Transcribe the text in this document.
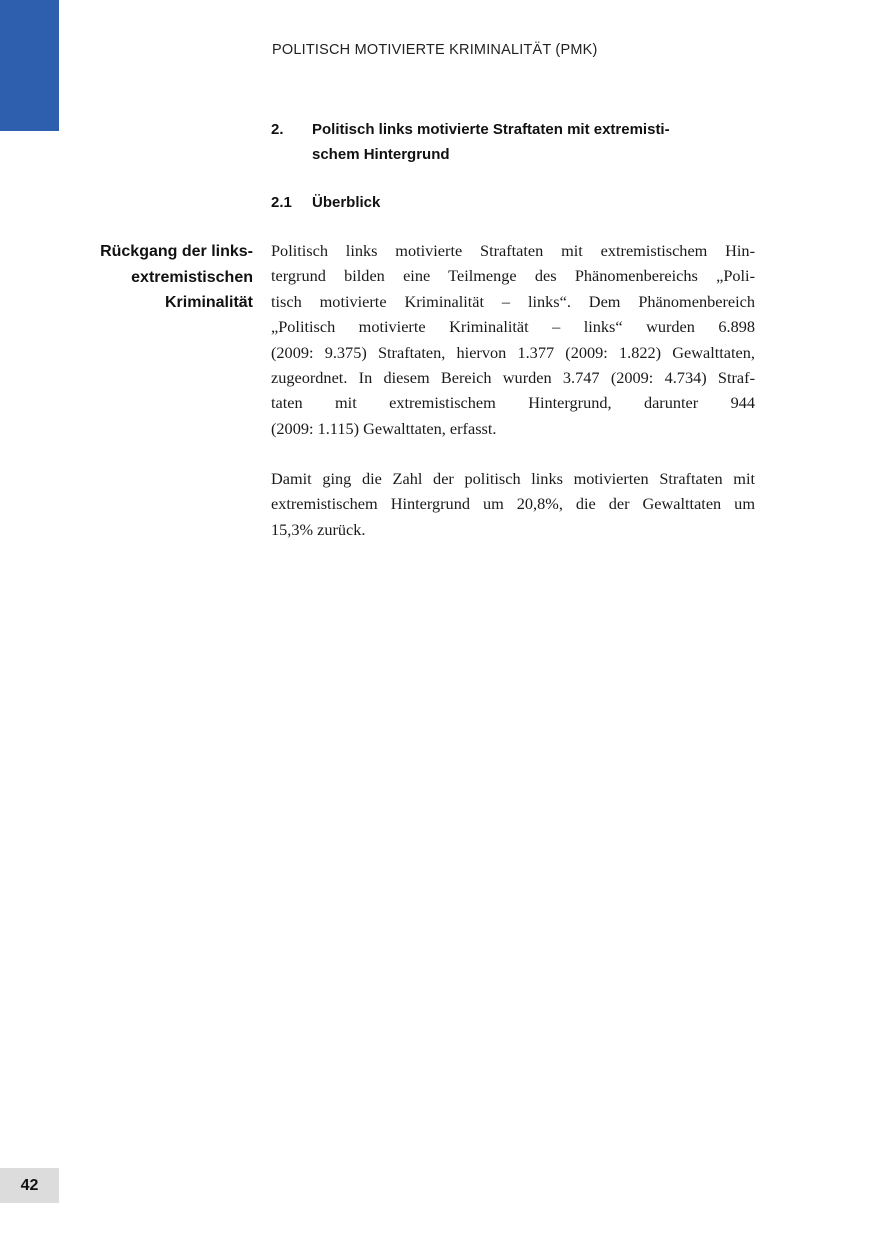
POLITISCH MOTIVIERTE KRIMINALITÄT (PMK)
2. Politisch links motivierte Straftaten mit extremisti-
schem Hintergrund
2.1 Überblick
Rückgang der links-
extremistischen
Kriminalität
Politisch links motivierte Straftaten mit extremistischem Hin-
tergrund bilden eine Teilmenge des Phänomenbereichs „Poli-
tisch motivierte Kriminalität – links“. Dem Phänomenbereich
„Politisch motivierte Kriminalität – links“ wurden 6.898
(2009: 9.375) Straftaten, hiervon 1.377 (2009: 1.822) Gewalttaten,
zugeordnet. In diesem Bereich wurden 3.747 (2009: 4.734) Straf-
taten mit extremistischem Hintergrund, darunter 944
(2009: 1.115) Gewalttaten, erfasst.
Damit ging die Zahl der politisch links motivierten Straftaten mit
extremistischem Hintergrund um 20,8%, die der Gewalttaten um
15,3% zurück.
42
